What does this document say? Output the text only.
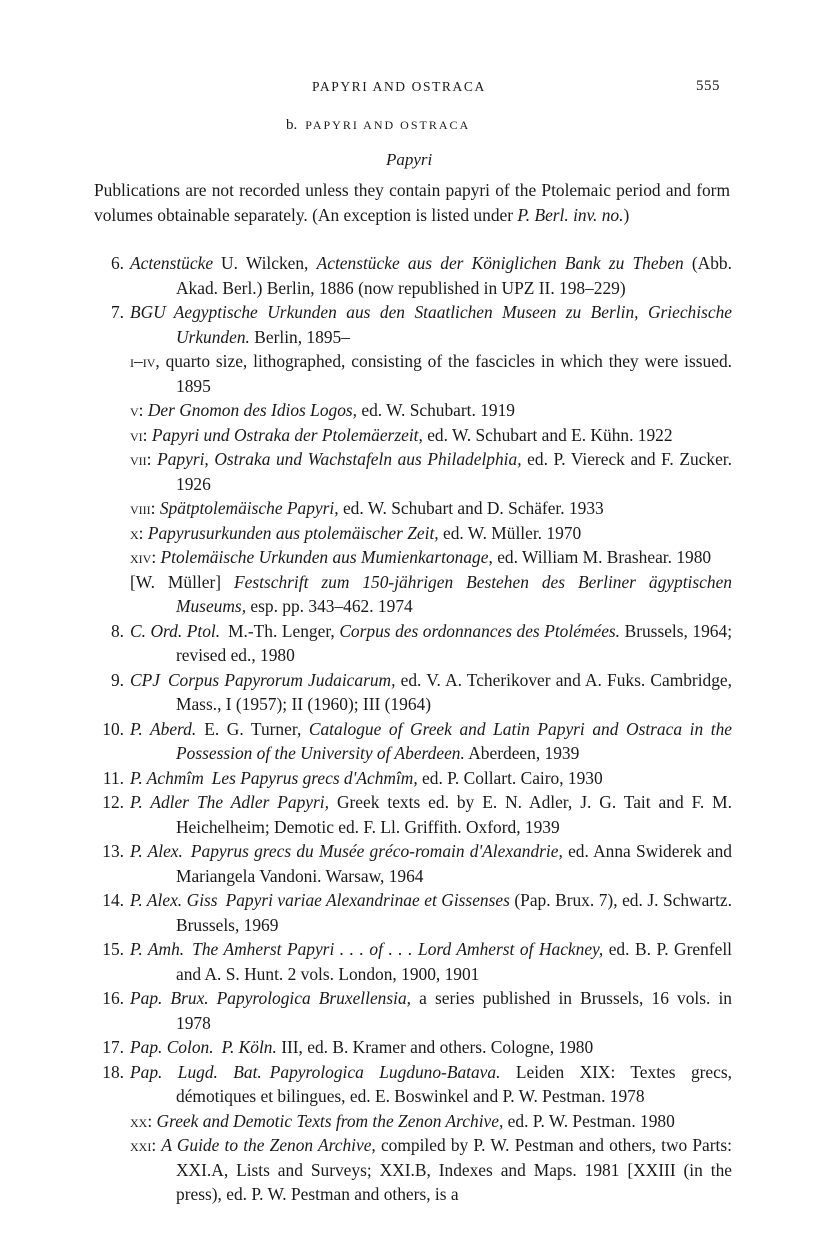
PAPYRI AND OSTRACA	555
b. PAPYRI AND OSTRACA
Papyri

Publications are not recorded unless they contain papyri of the Ptolemaic period and form volumes obtainable separately. (An exception is listed under P. Berl. inv. no.)

6. Actenstücke U. Wilcken, Actenstücke aus der Königlichen Bank zu Theben (Abb. Akad. Berl.) Berlin, 1886 (now republished in UPZ II. 198–229)
7. BGU Aegyptische Urkunden aus den Staatlichen Museen zu Berlin, Griechische Urkunden. Berlin, 1895–
i–iv, quarto size, lithographed, consisting of the fascicles in which they were issued. 1895
v: Der Gnomon des Idios Logos, ed. W. Schubart. 1919
vi: Papyri und Ostraka der Ptolemäerzeit, ed. W. Schubart and E. Kühn. 1922
vii: Papyri, Ostraka und Wachstafeln aus Philadelphia, ed. P. Viereck and F. Zucker. 1926
viii: Spätptolemäische Papyri, ed. W. Schubart and D. Schäfer. 1933
x: Papyrusurkunden aus ptolemäischer Zeit, ed. W. Müller. 1970
xiv: Ptolemäische Urkunden aus Mumienkartonage, ed. William M. Brashear. 1980
[W. Müller] Festschrift zum 150-jährigen Bestehen des Berliner ägyptischen Museums, esp. pp. 343–462. 1974
8. C. Ord. Ptol. M.-Th. Lenger, Corpus des ordonnances des Ptolémées. Brussels, 1964; revised ed., 1980
9. CPJ Corpus Papyrorum Judaicarum, ed. V. A. Tcherikover and A. Fuks. Cambridge, Mass., I (1957); II (1960); III (1964)
10. P. Aberd. E. G. Turner, Catalogue of Greek and Latin Papyri and Ostraca in the Possession of the University of Aberdeen. Aberdeen, 1939
11. P. Achmîm Les Papyrus grecs d'Achmîm, ed. P. Collart. Cairo, 1930
12. P. Adler The Adler Papyri, Greek texts ed. by E. N. Adler, J. G. Tait and F. M. Heichelheim; Demotic ed. F. Ll. Griffith. Oxford, 1939
13. P. Alex. Papyrus grecs du Musée gréco-romain d'Alexandrie, ed. Anna Swiderek and Mariangela Vandoni. Warsaw, 1964
14. P. Alex. Giss Papyri variae Alexandrinae et Gissenses (Pap. Brux. 7), ed. J. Schwartz. Brussels, 1969
15. P. Amh. The Amherst Papyri . . . of . . . Lord Amherst of Hackney, ed. B. P. Grenfell and A. S. Hunt. 2 vols. London, 1900, 1901
16. Pap. Brux. Papyrologica Bruxellensia, a series published in Brussels, 16 vols. in 1978
17. Pap. Colon. P. Köln. III, ed. B. Kramer and others. Cologne, 1980
18. Pap. Lugd. Bat. Papyrologica Lugduno-Batava. Leiden XIX: Textes grecs, démotiques et bilingues, ed. E. Boswinkel and P. W. Pestman. 1978
xx: Greek and Demotic Texts from the Zenon Archive, ed. P. W. Pestman. 1980
xxi: A Guide to the Zenon Archive, compiled by P. W. Pestman and others, two Parts: XXI.A, Lists and Surveys; XXI.B, Indexes and Maps. 1981 [XXIII (in the press), ed. P. W. Pestman and others, is a
